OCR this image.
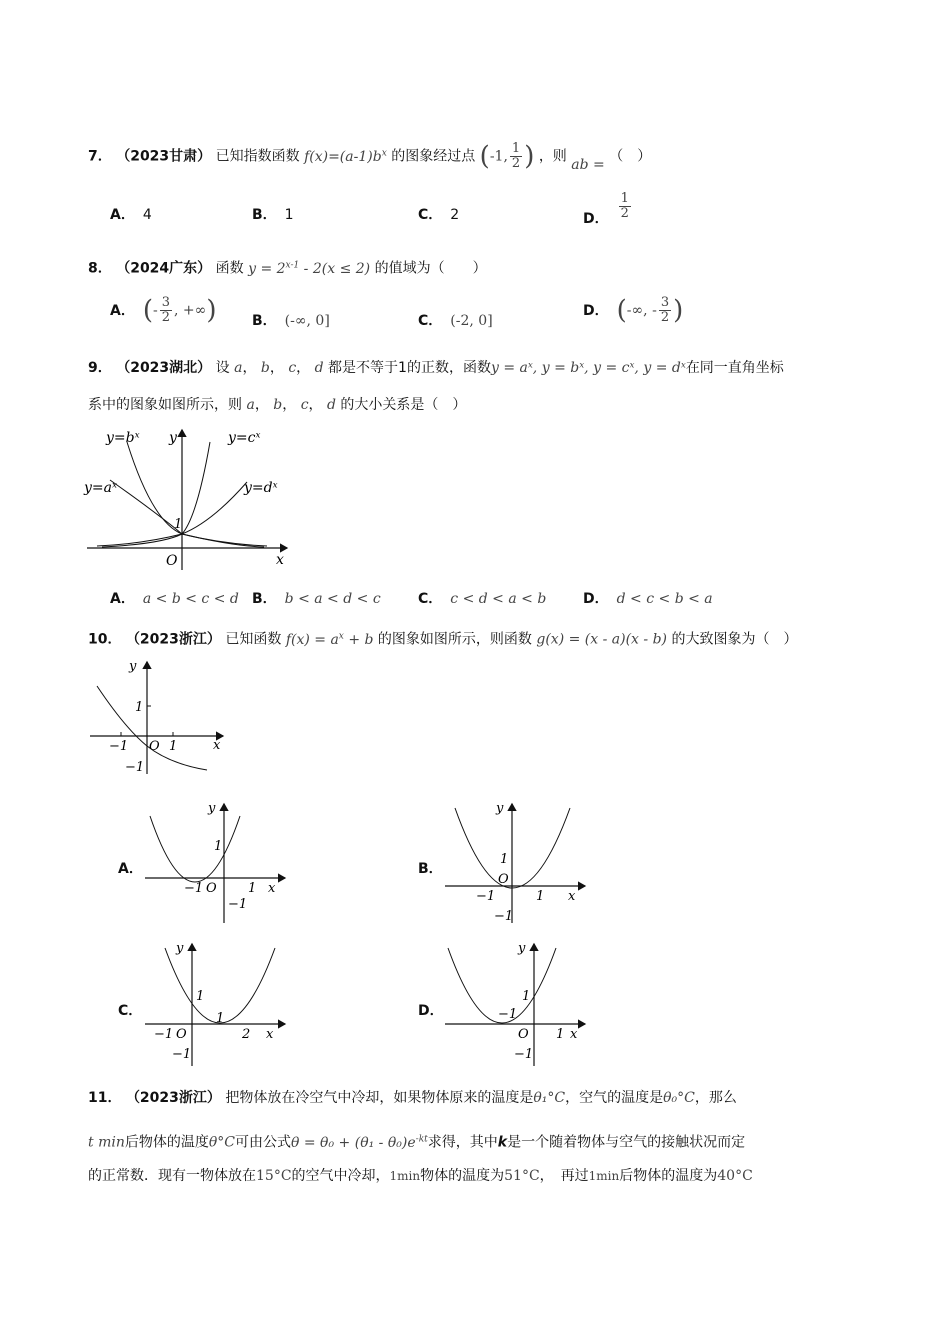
7． （2023甘肃） 已知指数函数 $f(x)=(a-1)b^x$ 的图象经过点 (-1, $\frac{1}{2}$ ) ，则 ab = （　）
A． 4	B． 1	C． 2	D． $\frac{1}{2}$
8． （2024广东） 函数 $y = 2^{x-1} - 2(x \le 2)$ 的值域为（　　）
A． (- $\frac{3}{2}$ , +∞)	B． (-∞, 0]	C． (-2, 0]
D． (-∞, - $\frac{3}{2}$ )
9． （2023湖北） 设 a， b， c， d 都是不等于1的正数，函数y = aˣ, y = bˣ, y = cˣ, y = dˣ在同一直角坐标
系中的图象如图所示，则 a， b， c， d 的大小关系是（　）
y=bˣ y	y=cˣ
y=aˣ	y=dˣ
1
O	x
A． a < b < c < d B． b < a < d < c	C． c < d < a < b	D． d < c < b < a
10． （2023浙江） 已知函数 $f(x) = a^x + b$ 的图象如图所示，则函数 g(x) = (x - a)(x - b) 的大致图象为（　）
y
1
−1 O 1	x
−1
A．
y
1
−1 O 1 x
−1
B．
y
1
O
−1	1 x
−1
C．
y
1
1
−1 O	2 x
−1
D．
y
1
−1
O 1 x
−1
11． （2023浙江） 把物体放在冷空气中冷却，如果物体原来的温度是θ₁°C，空气的温度是θ₀°C，那么
t min后物体的温度θ°C可由公式$\theta = \theta_0 + (\theta_1 - \theta_0)e^{-kt}$求得，其中k是一个随着物体与空气的接触状况而定
的正常数．现有一物体放在15°C的空气中冷却，1min物体的温度为51°C，　再过1min后物体的温度为40°C
